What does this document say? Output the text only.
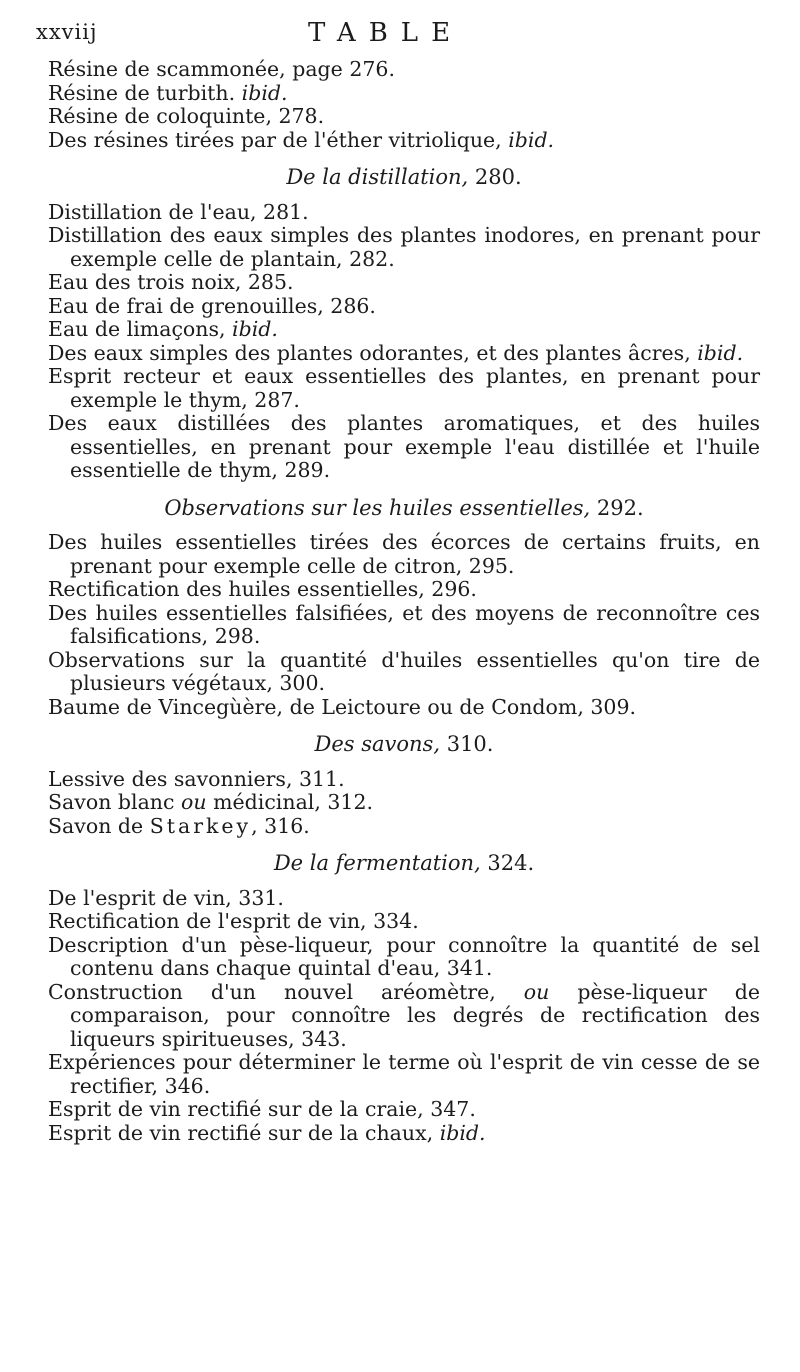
xxviij	TABLE

Résine de scammonée, page 276.

Résine de turbith. ibid.

Résine de coloquinte, 278.

Des résines tirées par de l'éther vitriolique, ibid.

De la distillation, 280.

Distillation de l'eau, 281.

Distillation des eaux simples des plantes inodores, en prenant pour exemple celle de plantain, 282.

Eau des trois noix, 285.

Eau de frai de grenouilles, 286.

Eau de limaçons, ibid.

Des eaux simples des plantes odorantes, et des plantes âcres, ibid.

Esprit recteur et eaux essentielles des plantes, en prenant pour exemple le thym, 287.

Des eaux distillées des plantes aromatiques, et des huiles essentielles, en prenant pour exemple l'eau distillée et l'huile essentielle de thym, 289.

Observations sur les huiles essentielles, 292.

Des huiles essentielles tirées des écorces de certains fruits, en prenant pour exemple celle de citron, 295.

Rectification des huiles essentielles, 296.

Des huiles essentielles falsifiées, et des moyens de reconnoître ces falsifications, 298.

Observations sur la quantité d'huiles essentielles qu'on tire de plusieurs végétaux, 300.

Baume de Vincegùère, de Leictoure ou de Condom, 309.

Des savons, 310.

Lessive des savonniers, 311.

Savon blanc ou médicinal, 312.

Savon de Starkey, 316.

De la fermentation, 324.

De l'esprit de vin, 331.

Rectification de l'esprit de vin, 334.

Description d'un pèse-liqueur, pour connoître la quantité de sel contenu dans chaque quintal d'eau, 341.

Construction d'un nouvel aréomètre, ou pèse-liqueur de comparaison, pour connoître les degrés de rectification des liqueurs spiritueuses, 343.

Expériences pour déterminer le terme où l'esprit de vin cesse de se rectifier, 346.

Esprit de vin rectifié sur de la craie, 347.

Esprit de vin rectifié sur de la chaux, ibid.
